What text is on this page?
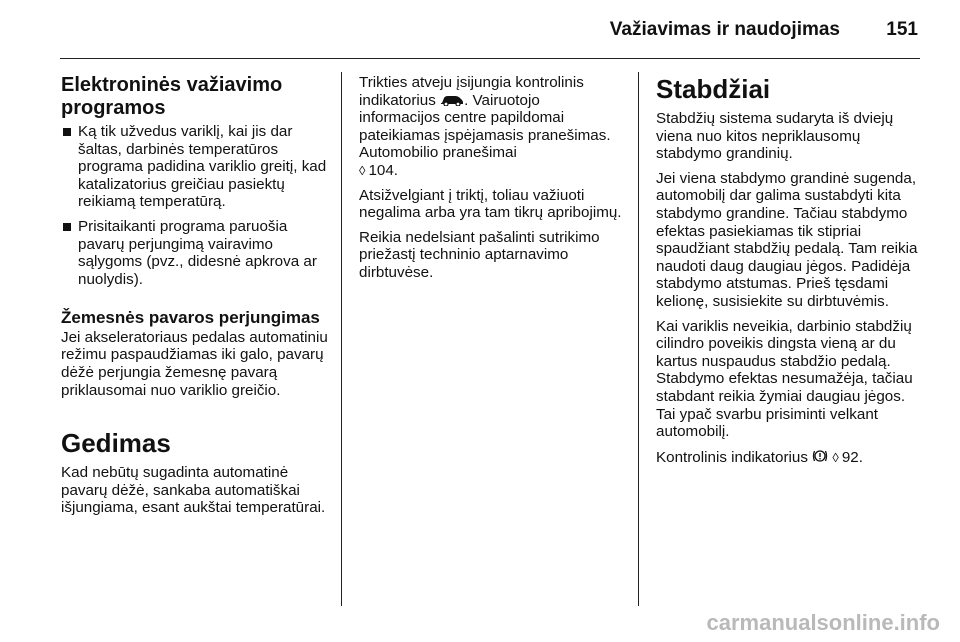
Važiavimas ir naudojimas 151
Elektroninės važiavimo programos
Ką tik užvedus variklį, kai jis dar šaltas, darbinės temperatūros programa padidina variklio greitį, kad katalizatorius greičiau pasiektų reikiamą temperatūrą.
Prisitaikanti programa paruošia pavarų perjungimą vairavimo sąlygoms (pvz., didesnė apkrova ar nuolydis).
Žemesnės pavaros perjungimas

Jei akseleratoriaus pedalas automatiniu režimu paspaudžiamas iki galo, pavarų dėžė perjungia žemesnę pavarą priklausomai nuo variklio greičio.

Gedimas

Kad nebūtų sugadinta automatinė pavarų dėžė, sankaba automatiškai išjungiama, esant aukštai temperatūrai.

Trikties atveju įsijungia kontrolinis indikatorius . Vairuotojo informacijos centre papildomai pateikiamas įspėjamasis pranešimas. Automobilio pranešimai
◊ 104.

Atsižvelgiant į triktį, toliau važiuoti negalima arba yra tam tikrų apribojimų.

Reikia nedelsiant pašalinti sutrikimo priežastį techninio aptarnavimo dirbtuvėse.

Stabdžiai

Stabdžių sistema sudaryta iš dviejų viena nuo kitos nepriklausomų stabdymo grandinių.

Jei viena stabdymo grandinė sugenda, automobilį dar galima sustabdyti kita stabdymo grandine. Tačiau stabdymo efektas pasiekiamas tik stipriai spaudžiant stabdžių pedalą. Tam reikia naudoti daug daugiau jėgos. Padidėja stabdymo atstumas. Prieš tęsdami kelionę, susisiekite su dirbtuvėmis.

Kai variklis neveikia, darbinio stabdžių cilindro poveikis dingsta vieną ar du kartus nuspaudus stabdžio pedalą. Stabdymo efektas nesumažėja, tačiau stabdant reikia žymiai daugiau jėgos. Tai ypač svarbu prisiminti velkant automobilį.

Kontrolinis indikatorius ◊ 92.

carmanualsonline.info
